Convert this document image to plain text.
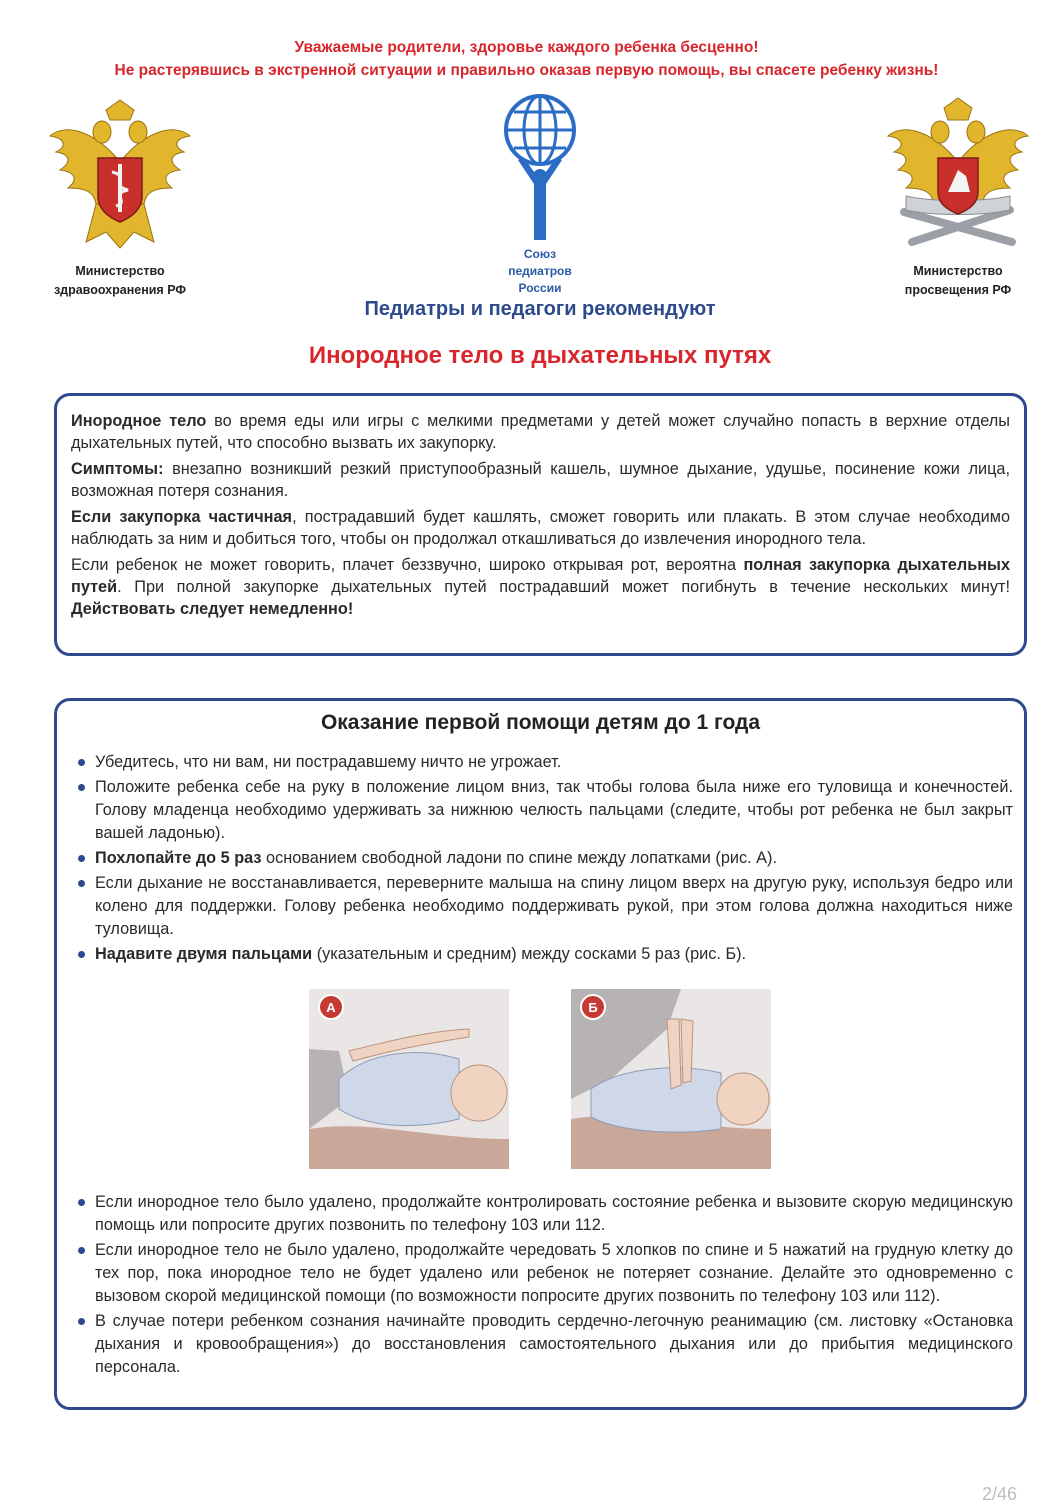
Уважаемые родители, здоровье каждого ребенка бесценно!
Не растерявшись в экстренной ситуации и правильно оказав первую помощь, вы спасете ребенку жизнь!
Министерство
здравоохранения РФ
Союз
педиатров
России
Министерство
просвещения РФ
Педиатры и педагоги рекомендуют
Инородное тело в дыхательных путях

Инородное тело во время еды или игры с мелкими предметами у детей может случайно попасть в верхние отделы дыхательных путей, что способно вызвать их закупорку.

Симптомы: внезапно возникший резкий приступообразный кашель, шумное дыхание, удушье, посинение кожи лица, возможная потеря сознания.

Если закупорка частичная, пострадавший будет кашлять, сможет говорить или плакать. В этом случае необходимо наблюдать за ним и добиться того, чтобы он продолжал откашливаться до извлечения инородного тела.

Если ребенок не может говорить, плачет беззвучно, широко открывая рот, вероятна полная закупорка дыхательных путей. При полной закупорке дыхательных путей пострадавший может погибнуть в течение нескольких минут! Действовать следует немедленно!

Оказание первой помощи детям до 1 года
Убедитесь, что ни вам, ни пострадавшему ничто не угрожает.
Положите ребенка себе на руку в положение лицом вниз, так чтобы голова была ниже его туловища и конечностей. Голову младенца необходимо удерживать за нижнюю челюсть пальцами (следите, чтобы рот ребенка не был закрыт вашей ладонью).
Похлопайте до 5 раз основанием свободной ладони по спине между лопатками (рис. А).
Если дыхание не восстанавливается, переверните малыша на спину лицом вверх на другую руку, используя бедро или колено для поддержки. Голову ребенка необходимо поддерживать рукой, при этом голова должна находиться ниже туловища.
Надавите двумя пальцами (указательным и средним) между сосками 5 раз (рис. Б).
А	Б
Если инородное тело было удалено, продолжайте контролировать состояние ребенка и вызовите скорую медицинскую помощь или попросите других позвонить по телефону 103 или 112.
Если инородное тело не было удалено, продолжайте чередовать 5 хлопков по спине и 5 нажатий на грудную клетку до тех пор, пока инородное тело не будет удалено или ребенок не потеряет сознание. Делайте это одновременно с вызовом скорой медицинской помощи (по возможности попросите других позвонить по телефону 103 или 112).
В случае потери ребенком сознания начинайте проводить сердечно-легочную реанимацию (см. листовку «Остановка дыхания и кровообращения») до восстановления самостоятельного дыхания или до прибытия медицинского персонала.
2/46
